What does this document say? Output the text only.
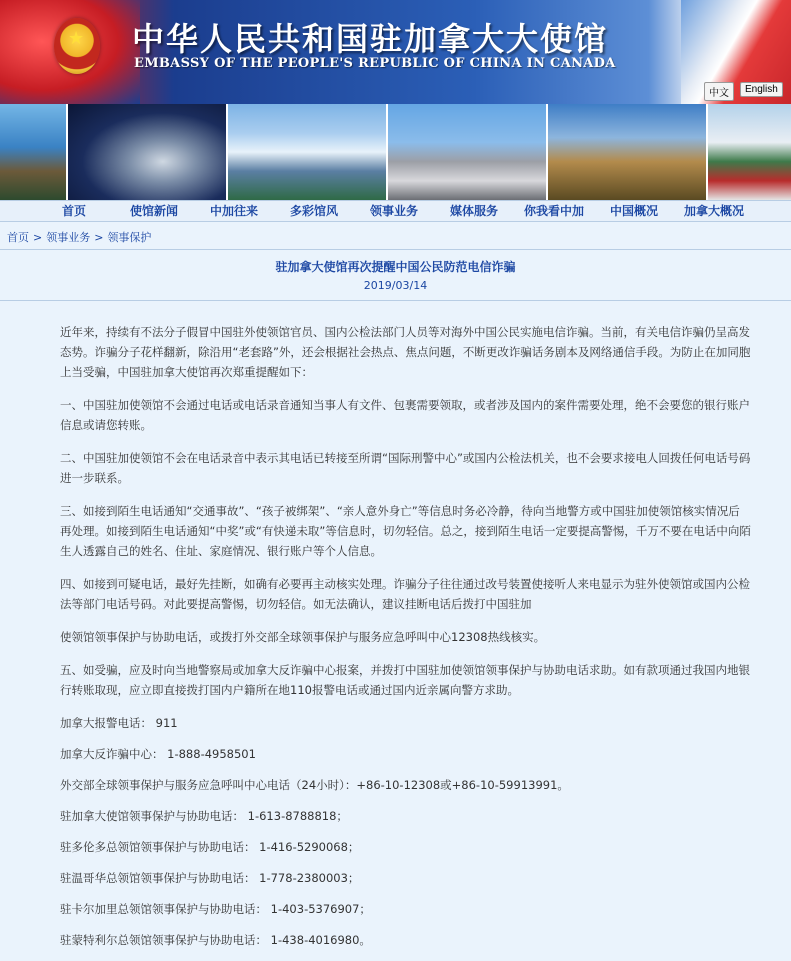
★
中华人民共和国驻加拿大大使馆
EMBASSY OF THE PEOPLE'S REPUBLIC OF CHINA IN CANADA
中文	English
首页	使馆新闻	中加往来	多彩馆风	领事业务	媒体服务	你我看中加	中国概况	加拿大概况
首页 > 领事业务 > 领事保护
驻加拿大使馆再次提醒中国公民防范电信诈骗
2019/03/14

近年来，持续有不法分子假冒中国驻外使领馆官员、国内公检法部门人员等对海外中国公民实施电信诈骗。当前，有关电信诈骗仍呈高发态势。诈骗分子花样翻新，除沿用“老套路”外，还会根据社会热点、焦点问题，不断更改诈骗话务剧本及网络通信手段。为防止在加同胞上当受骗，中国驻加拿大使馆再次郑重提醒如下：

一、中国驻加使领馆不会通过电话或电话录音通知当事人有文件、包裹需要领取，或者涉及国内的案件需要处理，绝不会要您的银行账户信息或请您转账。

二、中国驻加使领馆不会在电话录音中表示其电话已转接至所谓“国际刑警中心”或国内公检法机关，也不会要求接电人回拨任何电话号码进一步联系。

三、如接到陌生电话通知“交通事故”、“孩子被绑架”、“亲人意外身亡”等信息时务必冷静，待向当地警方或中国驻加使领馆核实情况后再处理。如接到陌生电话通知“中奖”或“有快递未取”等信息时，切勿轻信。总之，接到陌生电话一定要提高警惕，千万不要在电话中向陌生人透露自己的姓名、住址、家庭情况、银行账户等个人信息。

四、如接到可疑电话，最好先挂断，如确有必要再主动核实处理。诈骗分子往往通过改号装置使接听人来电显示为驻外使领馆或国内公检法等部门电话号码。对此要提高警惕，切勿轻信。如无法确认，建议挂断电话后拨打中国驻加

使领馆领事保护与协助电话，或拨打外交部全球领事保护与服务应急呼叫中心12308热线核实。

五、如受骗，应及时向当地警察局或加拿大反诈骗中心报案，并拨打中国驻加使领馆领事保护与协助电话求助。如有款项通过我国内地银行转账取现，应立即直接拨打国内户籍所在地110报警电话或通过国内近亲属向警方求助。

加拿大报警电话： 911

加拿大反诈骗中心： 1-888-4958501

外交部全球领事保护与服务应急呼叫中心电话（24小时）：+86-10-12308或+86-10-59913991。

驻加拿大使馆领事保护与协助电话： 1-613-8788818；

驻多伦多总领馆领事保护与协助电话： 1-416-5290068；

驻温哥华总领馆领事保护与协助电话： 1-778-2380003；

驻卡尔加里总领馆领事保护与协助电话： 1-403-5376907；

驻蒙特利尔总领馆领事保护与协助电话： 1-438-4016980。
